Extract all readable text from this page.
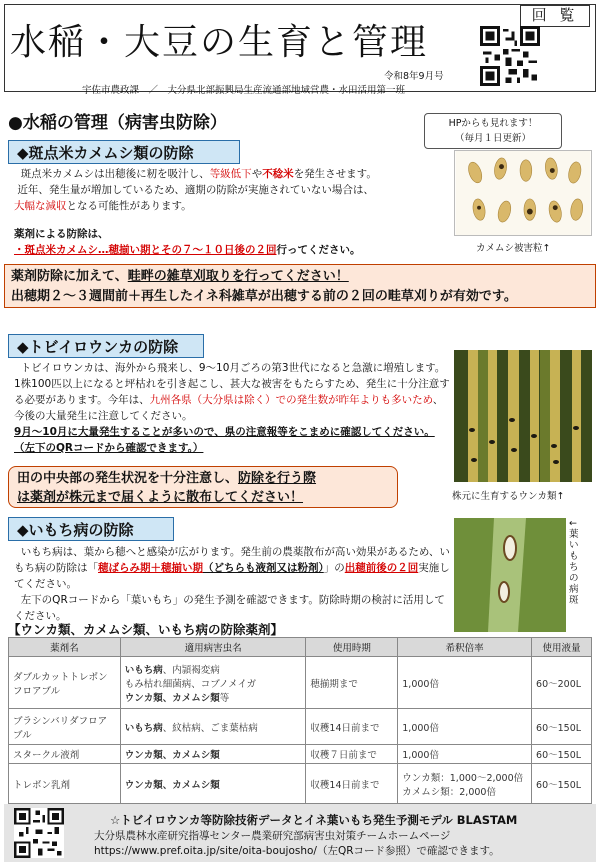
水稲・大豆の生育と管理
回 覧
令和8年9月号
宇佐市農政課　／　大分県北部振興局生産流通部地域営農・水田活用第一班
●水稲の管理（病害虫防除）	HPからも見れます！
（毎月１日更新）
◆斑点米カメムシ類の防除
斑点米カメムシは出穂後に籾を吸汁し、等級低下や不稔米を発生させます。
近年、発生量が増加しているため、適期の防除が実施されていない場合は、
大幅な減収となる可能性があります。
薬剤による防除は、
・斑点米カメムシ…穂揃い期とその７～１０日後の２回行ってください。	カメムシ被害粒↑
薬剤防除に加えて、畦畔の雑草刈取りを行ってください！
出穂期２～３週間前＋再生したイネ科雑草が出穂する前の２回の畦草刈りが有効です。
◆トビイロウンカの防除
トビイロウンカは、海外から飛来し、9～10月ごろの第3世代になると急激に増殖します。1株100匹以上になると坪枯れを引き起こし、甚大な被害をもたらすため、発生に十分注意する必要があります。今年は、九州各県（大分県は除く）での発生数が昨年よりも多いため、今後の大量発生に注意してください。
9月～10月に大量発生することが多いので、県の注意報等をこまめに確認してください。（左下のQRコードから確認できます。）
株元に生育するウンカ類↑
田の中央部の発生状況を十分注意し、防除を行う際
は薬剤が株元まで届くように散布してください！
◆いもち病の防除
いもち病は、葉から穂へと感染が広がります。発生前の農薬散布が高い効果があるため、いもち病の防除は「穂ばらみ期＋穂揃い期（どちらも液剤又は粉剤）」の出穂前後の２回実施してください。
左下のQRコードから「葉いもち」の発生予測を確認できます。防除時期の検討に活用してください。
←葉いもちの病斑
【ウンカ類、カメムシ類、いもち病の防除薬剤】
薬剤名	適用病害虫名	使用時期	希釈倍率	使用液量
ダブルカットトレボンフロアブル	いもち病、内頴褐変病
もみ枯れ細菌病、コブノメイガ
ウンカ類、カメムシ類等	穂揃期まで	1,000倍	60～200L
ブラシンバリダフロアブル	いもち病、紋枯病、ごま葉枯病	収穫14日前まで	1,000倍	60～150L
スタークル液剤	ウンカ類、カメムシ類	収穫７日前まで	1,000倍	60～150L
トレボン乳剤	ウンカ類、カメムシ類	収穫14日前まで	ウンカ類：1,000～2,000倍
カメムシ類：2,000倍	60～150L
☆トビイロウンカ等防除技術データとイネ葉いもち発生予測モデル BLASTAM
大分県農林水産研究指導センター農業研究部病害虫対策チームホームページ
https://www.pref.oita.jp/site/oita-boujosho/（左QRコード参照）で確認できます。
